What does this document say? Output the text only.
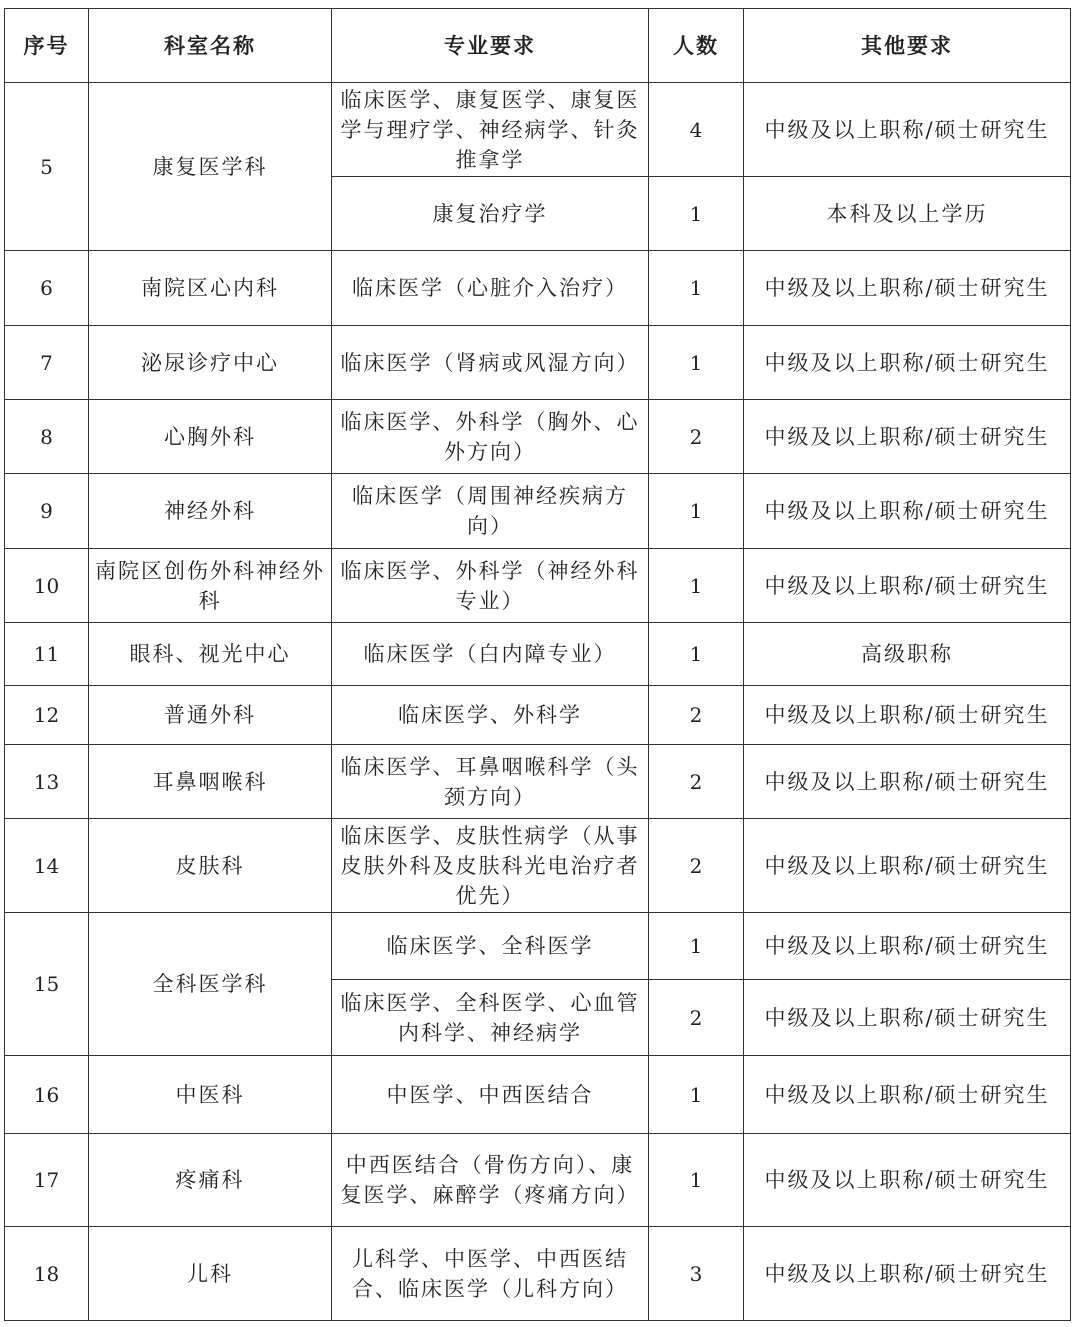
序号	科室名称	专业要求	人数	其他要求
5	康复医学科	临床医学、康复医学、康复医学与理疗学、神经病学、针灸推拿学	4	中级及以上职称/硕士研究生
		康复治疗学	1	本科及以上学历
6	南院区心内科	临床医学（心脏介入治疗）	1	中级及以上职称/硕士研究生
7	泌尿诊疗中心	临床医学（肾病或风湿方向）	1	中级及以上职称/硕士研究生
8	心胸外科	临床医学、外科学（胸外、心外方向）	2	中级及以上职称/硕士研究生
9	神经外科	临床医学（周围神经疾病方向）	1	中级及以上职称/硕士研究生
10	南院区创伤外科神经外科	临床医学、外科学（神经外科专业）	1	中级及以上职称/硕士研究生
11	眼科、视光中心	临床医学（白内障专业）	1	高级职称
12	普通外科	临床医学、外科学	2	中级及以上职称/硕士研究生
13	耳鼻咽喉科	临床医学、耳鼻咽喉科学（头颈方向）	2	中级及以上职称/硕士研究生
14	皮肤科	临床医学、皮肤性病学（从事皮肤外科及皮肤科光电治疗者优先）	2	中级及以上职称/硕士研究生
15	全科医学科	临床医学、全科医学	1	中级及以上职称/硕士研究生
		临床医学、全科医学、心血管内科学、神经病学	2	中级及以上职称/硕士研究生
16	中医科	中医学、中西医结合	1	中级及以上职称/硕士研究生
17	疼痛科	中西医结合（骨伤方向）、康复医学、麻醉学（疼痛方向）	1	中级及以上职称/硕士研究生
18	儿科	儿科学、中医学、中西医结合、临床医学（儿科方向）	3	中级及以上职称/硕士研究生
